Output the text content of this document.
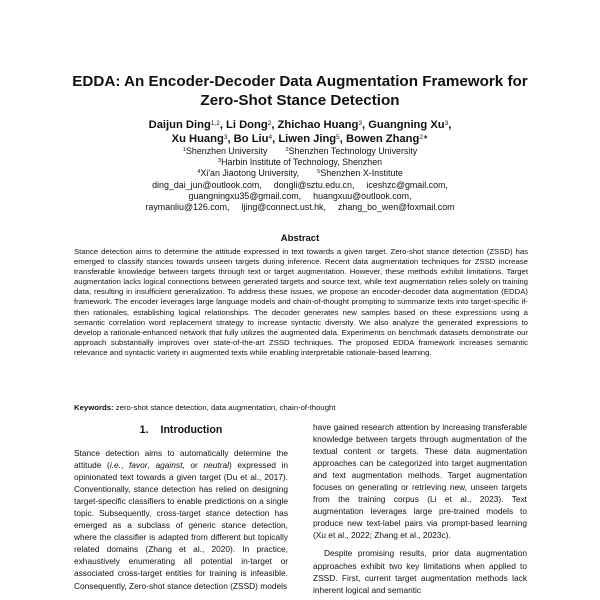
EDDA: An Encoder-Decoder Data Augmentation Framework for
Zero-Shot Stance Detection
Daijun Ding$^{1,2}$, Li Dong$^2$, Zhichao Huang$^3$, Guangning Xu$^3$,
Xu Huang$^3$, Bo Liu$^4$, Liwen Jing$^5$, Bowen Zhang$^{2∗}$
$^1$Shenzhen University	$^2$Shenzhen Technology University
$^3$Harbin Institute of Technology, Shenzhen
$^4$Xi'an Jiaotong University,	$^5$Shenzhen X-Institute
ding_dai_jun@outlook.com, dongli@sztu.edu.cn, iceshzc@gmail.com,
guangningxu35@gmail.com, huangxuu@outlook.com,
raymanliu@126.com, ljing@connect.ust.hk, zhang_bo_wen@foxmail.com
Abstract

Stance detection aims to determine the attitude expressed in text towards a given target. Zero-shot stance detection (ZSSD) has emerged to classify stances towards unseen targets during inference. Recent data augmentation techniques for ZSSD increase transferable knowledge between targets through text or target augmentation. However, these methods exhibit limitations. Target augmentation lacks logical connections between generated targets and source text, while text augmentation relies solely on training data, resulting in insufficient generalization. To address these issues, we propose an encoder-decoder data augmentation (EDDA) framework. The encoder leverages large language models and chain-of-thought prompting to summarize texts into target-specific if-then rationales, establishing logical relationships. The decoder generates new samples based on these expressions using a semantic correlation word replacement strategy to increase syntactic diversity. We also analyze the generated expressions to develop a rationale-enhanced network that fully utilizes the augmented data. Experiments on benchmark datasets demonstrate our approach substantially improves over state-of-the-art ZSSD techniques. The proposed EDDA framework increases semantic relevance and syntactic variety in augmented texts while enabling interpretable rationale-based learning.

Keywords: zero-shot stance detection, data augmentation, chain-of-thought

1. Introduction

Stance detection aims to automatically determine the attitude (i.e., favor, against, or neutral) expressed in opinionated text towards a given target (Du et al., 2017). Conventionally, stance detection has relied on designing target-specific classifiers to enable predictions on a single topic. Subsequently, cross-target stance detection has emerged as a subclass of generic stance detection, where the classifier is adapted from different but topically related domains (Zhang et al., 2020). In practice, exhaustively enumerating all potential in-target or associated cross-target entities for training is infeasible. Consequently, Zero-shot stance detection (ZSSD) models

have gained research attention by increasing transferable knowledge between targets through augmentation of the textual content or targets. These data augmentation approaches can be categorized into target augmentation and text augmentation methods. Target augmentation focuses on generating or retrieving new, unseen targets from the training corpus (Li et al., 2023). Text augmentation leverages large pre-trained models to produce new text-label pairs via prompt-based learning (Xu et al., 2022; Zhang et al., 2023c).

Despite promising results, prior data augmentation approaches exhibit two key limitations when applied to ZSSD. First, current target augmentation methods lack inherent logical and semantic
